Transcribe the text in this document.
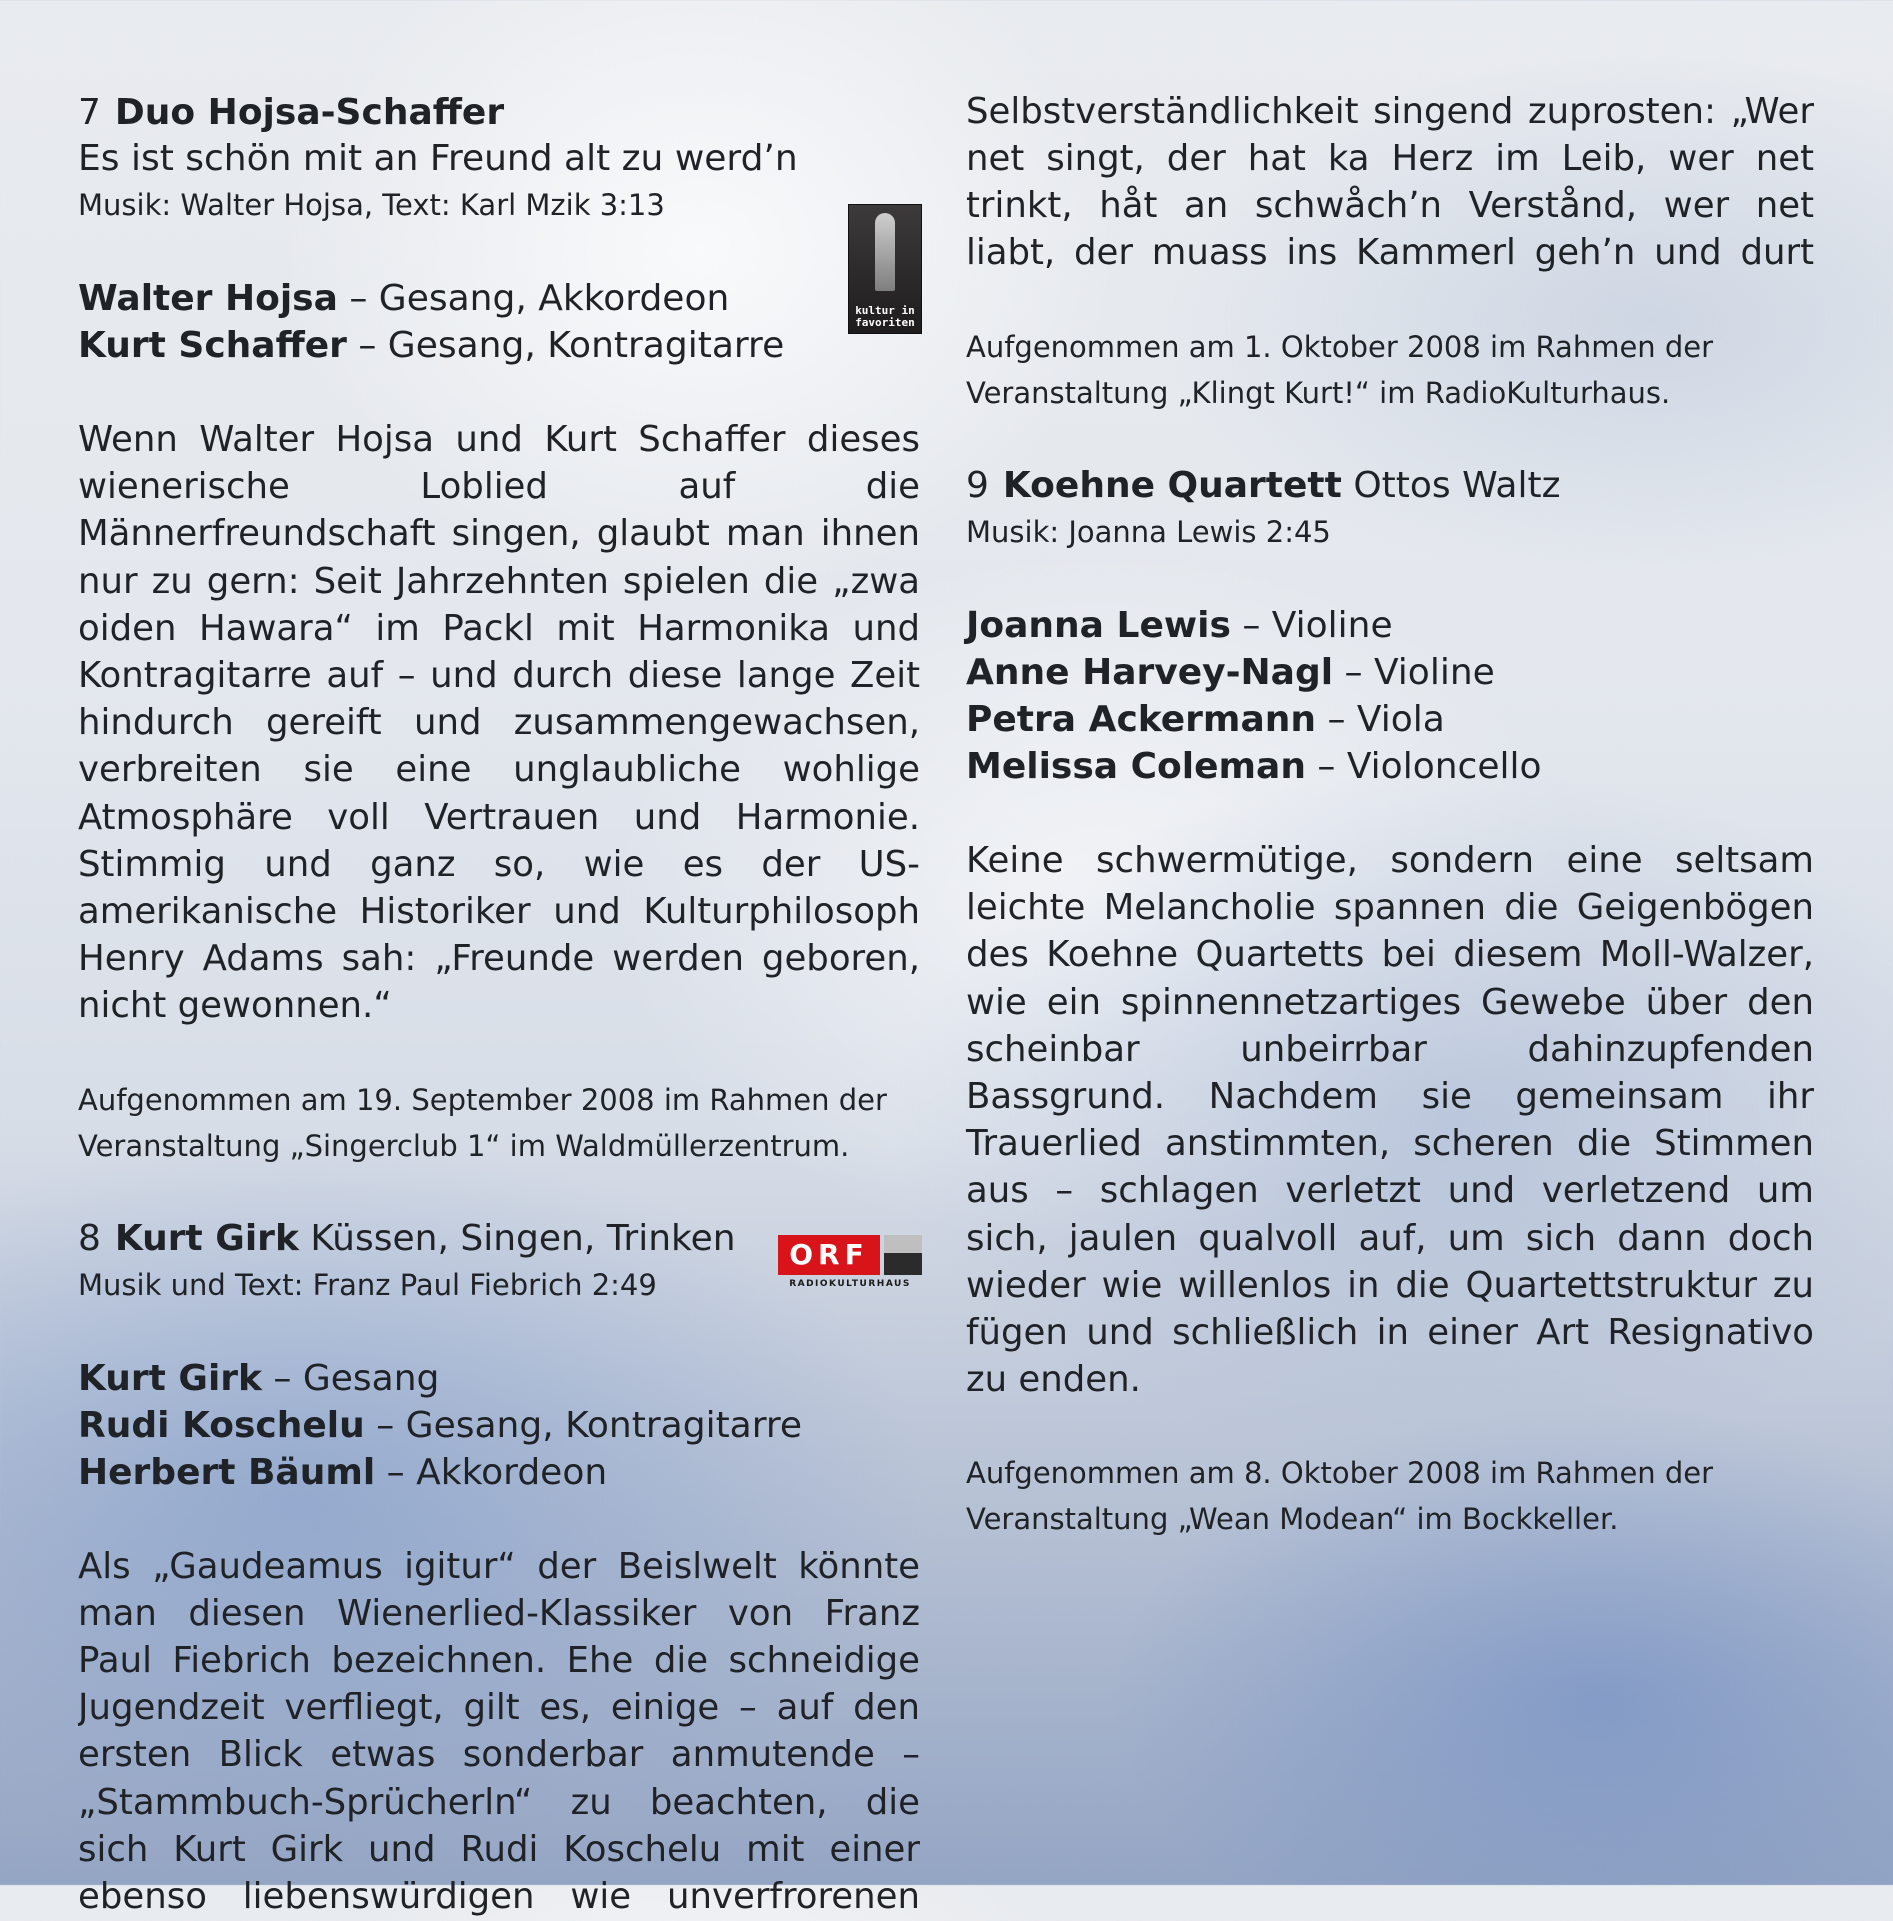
7 Duo Hojsa-Schaffer

Es ist schön mit an Freund alt zu werd’n

Musik: Walter Hojsa, Text: Karl Mzik 3:13

Walter Hojsa – Gesang, Akkordeon

Kurt Schaffer – Gesang, Kontragitarre

Wenn Walter Hojsa und Kurt Schaffer dieses wienerische Loblied auf die Männerfreundschaft singen, glaubt man ihnen nur zu gern: Seit Jahrzehnten spielen die „zwa oiden Hawara“ im Packl mit Harmonika und Kontragitarre auf – und durch diese lange Zeit hindurch gereift und zusammengewachsen, verbreiten sie eine unglaubliche wohlige Atmosphäre voll Vertrauen und Harmonie. Stimmig und ganz so, wie es der US-amerikanische Historiker und Kulturphilosoph Henry Adams sah: „Freunde werden geboren, nicht gewonnen.“

Aufgenommen am 19. September 2008 im Rahmen der Veranstaltung „Singerclub 1“ im Waldmüllerzentrum.

8 Kurt Girk Küssen, Singen, Trinken

Musik und Text: Franz Paul Fiebrich 2:49

Kurt Girk – Gesang

Rudi Koschelu – Gesang, Kontragitarre

Herbert Bäuml – Akkordeon

Als „Gaudeamus igitur“ der Beislwelt könnte man diesen Wienerlied-Klassiker von Franz Paul Fiebrich bezeichnen. Ehe die schneidige Jugendzeit verfliegt, gilt es, einige – auf den ersten Blick etwas sonderbar anmutende – „Stammbuch-Sprücherln“ zu beachten, die sich Kurt Girk und Rudi Koschelu mit einer ebenso liebenswürdigen wie unverfrorenen

Selbstverständlichkeit singend zuprosten: „Wer net singt, der hat ka Herz im Leib, wer net trinkt, håt an schwåch’n Verstånd, wer net liabt, der muass ins Kammerl geh’n und durt

Aufgenommen am 1. Oktober 2008 im Rahmen der Veranstaltung „Klingt Kurt!“ im RadioKulturhaus.

9 Koehne Quartett Ottos Waltz

Musik: Joanna Lewis 2:45

Joanna Lewis – Violine

Anne Harvey-Nagl – Violine

Petra Ackermann – Viola

Melissa Coleman – Violoncello

Keine schwermütige, sondern eine seltsam leichte Melancholie spannen die Geigenbögen des Koehne Quartetts bei diesem Moll-Walzer, wie ein spinnennetzartiges Gewebe über den scheinbar unbeirrbar dahinzupfenden Bassgrund. Nachdem sie gemeinsam ihr Trauerlied anstimmten, scheren die Stimmen aus – schlagen verletzt und verletzend um sich, jaulen qualvoll auf, um sich dann doch wieder wie willenlos in die Quartettstruktur zu fügen und schließlich in einer Art Resignativo zu enden.

Aufgenommen am 8. Oktober 2008 im Rahmen der Veranstaltung „Wean Modean“ im Bockkeller.

kultur in favoriten
ORF
RADIOKULTURHAUS
